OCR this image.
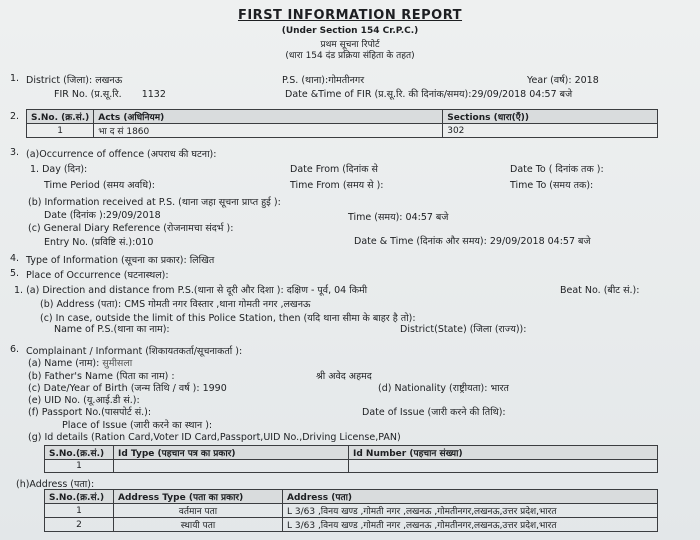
FIRST INFORMATION REPORT
(Under Section 154 Cr.P.C.)
प्रथम सूचना रिपोर्ट
(धारा 154 दंड प्रक्रिया संहिता के तहत)
1. District (जिला): लखनऊ	P.S. (थाना):गोमतीनगर	Year (वर्ष): 2018
FIR No. (प्र.सू.रि. 1132	Date &Time of FIR (प्र.सू.रि. की दिनांक/समय):29/09/2018 04:57 बजे
2. S.No. (क्र.सं.)	Acts (अधिनियम)	Sections (धारा(एँ))
1	भा द सं 1860	302
3. (a)Occurrence of offence (अपराध की घटना):
1. Day (दिन):	Date From (दिनांक से	Date To ( दिनांक तक ):
Time Period (समय अवधि):	Time From (समय से ):	Time To (समय तक):
(b) Information received at P.S. (थाना जहा सूचना प्राप्त हुई ):
Date (दिनांक ):29/09/2018	Time (समय): 04:57 बजे
(c) General Diary Reference (रोजनामचा संदर्भ ):
Entry No. (प्रविष्टि सं.):010	Date & Time (दिनांक और समय): 29/09/2018 04:57 बजे
4. Type of Information (सूचना का प्रकार): लिखित
5. Place of Occurrence (घटनास्थल):
1. (a) Direction and distance from P.S.(थाना से दूरी और दिशा ): दक्षिण - पूर्व, 04 किमी	Beat No. (बीट सं.):
(b) Address (पता): CMS गोमती नगर विस्तार ,थाना गोमती नगर ,लखनऊ
(c) In case, outside the limit of this Police Station, then (यदि थाना सीमा के बाहर है तो):
Name of P.S.(थाना का नाम):	District(State) (जिला (राज्य)):
6. Complainant / Informant (शिकायतकर्ता/सूचनाकर्ता ):
(a) Name (नाम): सुमीसला
(b) Father's Name (पिता का नाम) :	श्री अवेद अहमद
(c) Date/Year of Birth (जन्म तिथि / वर्ष ): 1990	(d) Nationality (राष्ट्रीयता): भारत
(e) UID No. (यू.आई.डी सं.):
(f) Passport No.(पासपोर्ट सं.):	Date of Issue (जारी करने की तिथि):
Place of Issue (जारी करने का स्थान ):
(g) Id details (Ration Card,Voter ID Card,Passport,UID No.,Driving License,PAN)
S.No.(क्र.सं.)	Id Type (पहचान पत्र का प्रकार)	Id Number (पहचान संख्या)
1		
(h)Address (पता):
S.No.(क्र.सं.)	Address Type (पता का प्रकार)	Address (पता)
1	वर्तमान पता	L 3/63 ,विनय खण्ड ,गोमती नगर ,लखनऊ ,गोमतीनगर,लखनऊ,उत्तर प्रदेश,भारत
2	स्थायी पता	L 3/63 ,विनय खण्ड ,गोमती नगर ,लखनऊ ,गोमतीनगर,लखनऊ,उत्तर प्रदेश,भारत
